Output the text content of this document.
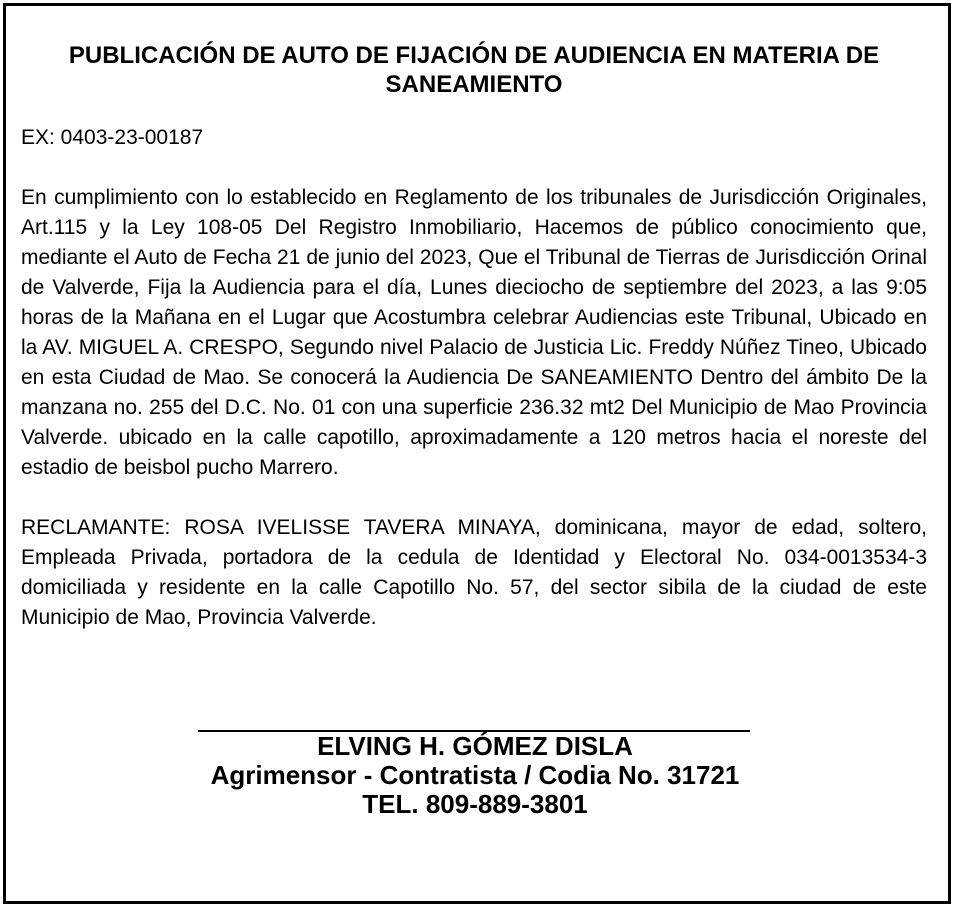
PUBLICACIÓN DE AUTO DE FIJACIÓN DE AUDIENCIA EN MATERIA DE SANEAMIENTO
EX: 0403-23-00187
En cumplimiento con lo establecido en Reglamento de los tribunales de Jurisdicción Originales, Art.115 y la Ley 108-05 Del Registro Inmobiliario, Hacemos de público conocimiento que, mediante el Auto de Fecha 21 de junio del 2023, Que el Tribunal de Tierras de Jurisdicción Orinal de Valverde, Fija la Audiencia para el día, Lunes dieciocho de septiembre del 2023, a las 9:05 horas de la Mañana en el Lugar que Acostumbra celebrar Audiencias este Tribunal, Ubicado en la AV. MIGUEL A. CRESPO, Segundo nivel Palacio de Justicia Lic. Freddy Núñez Tineo, Ubicado en esta Ciudad de Mao. Se conocerá la Audiencia De SANEAMIENTO Dentro del ámbito De la manzana no. 255 del D.C. No. 01 con una superficie 236.32 mt2 Del Municipio de Mao Provincia Valverde. ubicado en la calle capotillo, aproximadamente a 120 metros hacia el noreste del estadio de beisbol pucho Marrero.
RECLAMANTE: ROSA IVELISSE TAVERA MINAYA, dominicana, mayor de edad, soltero, Empleada Privada, portadora de la cedula de Identidad y Electoral No. 034-0013534-3 domiciliada y residente en la calle Capotillo No. 57, del sector sibila de la ciudad de este Municipio de Mao, Provincia Valverde.
ELVING H. GÓMEZ DISLA
Agrimensor - Contratista / Codia No. 31721
TEL. 809-889-3801
